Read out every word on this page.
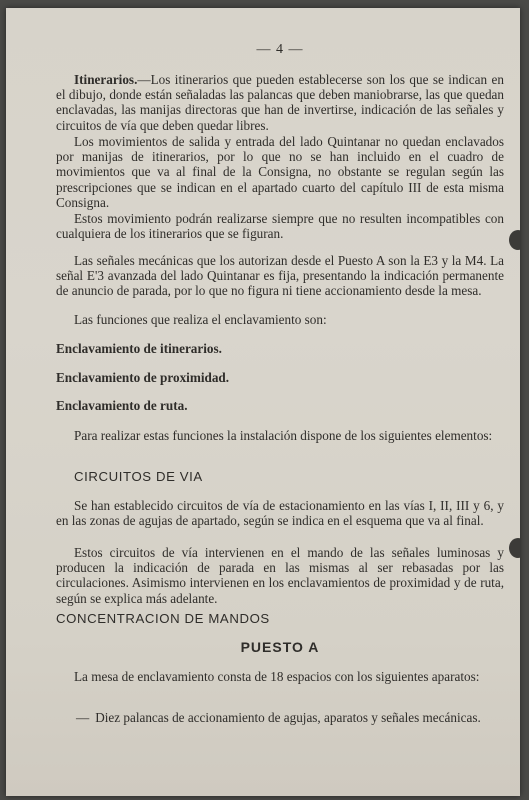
— 4 —

Itinerarios.—Los itinerarios que pueden establecerse son los que se indican en el dibujo, donde están señaladas las palancas que deben maniobrarse, las que quedan enclavadas, las manijas directoras que han de invertirse, indicación de las señales y circuitos de vía que deben quedar libres.

Los movimientos de salida y entrada del lado Quintanar no quedan enclavados por manijas de itinerarios, por lo que no se han incluido en el cuadro de movimientos que va al final de la Consigna, no obstante se regulan según las prescripciones que se indican en el apartado cuarto del capítulo III de esta misma Consigna.

Estos movimiento podrán realizarse siempre que no resulten incompatibles con cualquiera de los itinerarios que se figuran.

Las señales mecánicas que los autorizan desde el Puesto A son la E3 y la M4. La señal E'3 avanzada del lado Quintanar es fija, presentando la indicación permanente de anuncio de parada, por lo que no figura ni tiene accionamiento desde la mesa.

Las funciones que realiza el enclavamiento son:

Enclavamiento de itinerarios.

Enclavamiento de proximidad.

Enclavamiento de ruta.

Para realizar estas funciones la instalación dispone de los siguientes elementos:

CIRCUITOS DE VIA

Se han establecido circuitos de vía de estacionamiento en las vías I, II, III y 6, y en las zonas de agujas de apartado, según se indica en el esquema que va al final.

Estos circuitos de vía intervienen en el mando de las señales luminosas y producen la indicación de parada en las mismas al ser rebasadas por las circulaciones. Asimismo intervienen en los enclavamientos de proximidad y de ruta, según se explica más adelante.

CONCENTRACION DE MANDOS
PUESTO A

La mesa de enclavamiento consta de 18 espacios con los siguientes aparatos:

— Diez palancas de accionamiento de agujas, aparatos y señales mecánicas.
